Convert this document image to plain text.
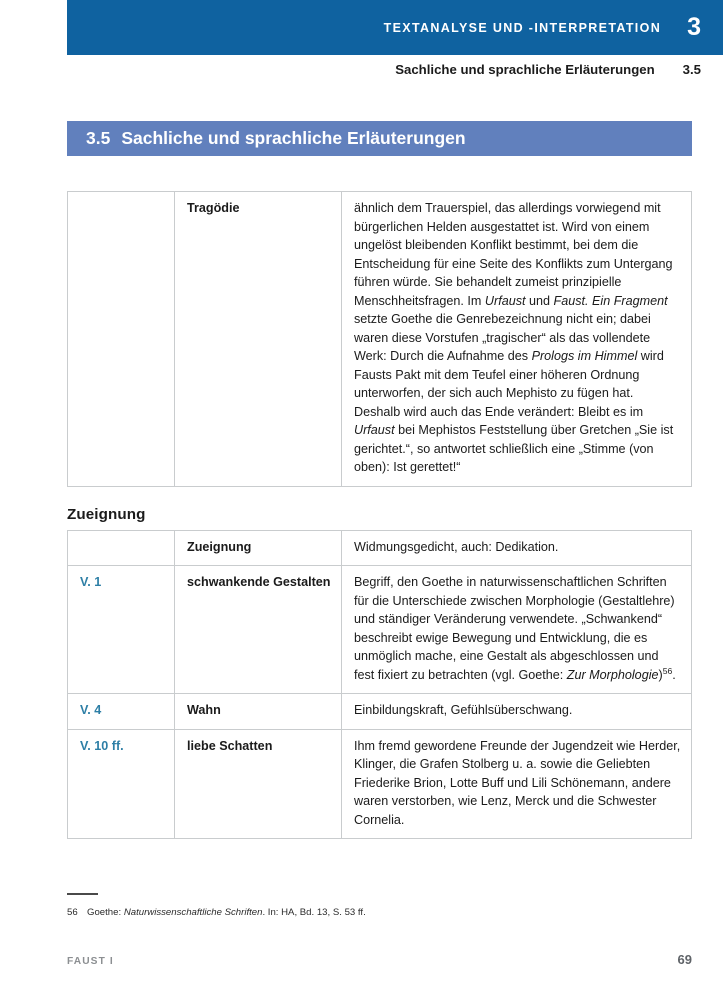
TEXTANALYSE UND -INTERPRETATION 3
Sachliche und sprachliche Erläuterungen 3.5
3.5 Sachliche und sprachliche Erläuterungen
	Tragödie	ähnlich dem Trauerspiel, das allerdings vorwiegend mit bürgerlichen Helden ausgestattet ist. Wird von einem ungelöst bleibenden Konflikt bestimmt, bei dem die Entscheidung für eine Seite des Konflikts zum Untergang führen würde. Sie behandelt zumeist prinzipielle Menschheitsfragen. Im Urfaust und Faust. Ein Fragment setzte Goethe die Genrebezeichnung nicht ein; dabei waren diese Vorstufen „tragischer“ als das vollendete Werk: Durch die Aufnahme des Prologs im Himmel wird Fausts Pakt mit dem Teufel einer höheren Ordnung unterworfen, der sich auch Mephisto zu fügen hat. Deshalb wird auch das Ende verändert: Bleibt es im Urfaust bei Mephistos Feststellung über Gretchen „Sie ist gerichtet.“, so antwortet schließlich eine „Stimme (von oben): Ist gerettet!“
Zueignung
	Zueignung	Widmungsgedicht, auch: Dedikation.

V. 1	schwankende Gestalten	Begriff, den Goethe in naturwissenschaftlichen Schriften für die Unterschiede zwischen Morphologie (Gestaltlehre) und ständiger Veränderung verwendete. „Schwankend“ beschreibt ewige Bewegung und Entwicklung, die es unmöglich mache, eine Gestalt als abgeschlossen und fest fixiert zu betrachten (vgl. Goethe: Zur Morphologie)$^{56}$.

V. 4	Wahn	Einbildungskraft, Gefühlsüberschwang.

V. 10 ff.	liebe Schatten	Ihm fremd gewordene Freunde der Jugendzeit wie Herder, Klinger, die Grafen Stolberg u. a. sowie die Geliebten Friederike Brion, Lotte Buff und Lili Schönemann, andere waren verstorben, wie Lenz, Merck und die Schwester Cornelia.
56 Goethe: Naturwissenschaftliche Schriften. In: HA, Bd. 13, S. 53 ff.
FAUST I	69
